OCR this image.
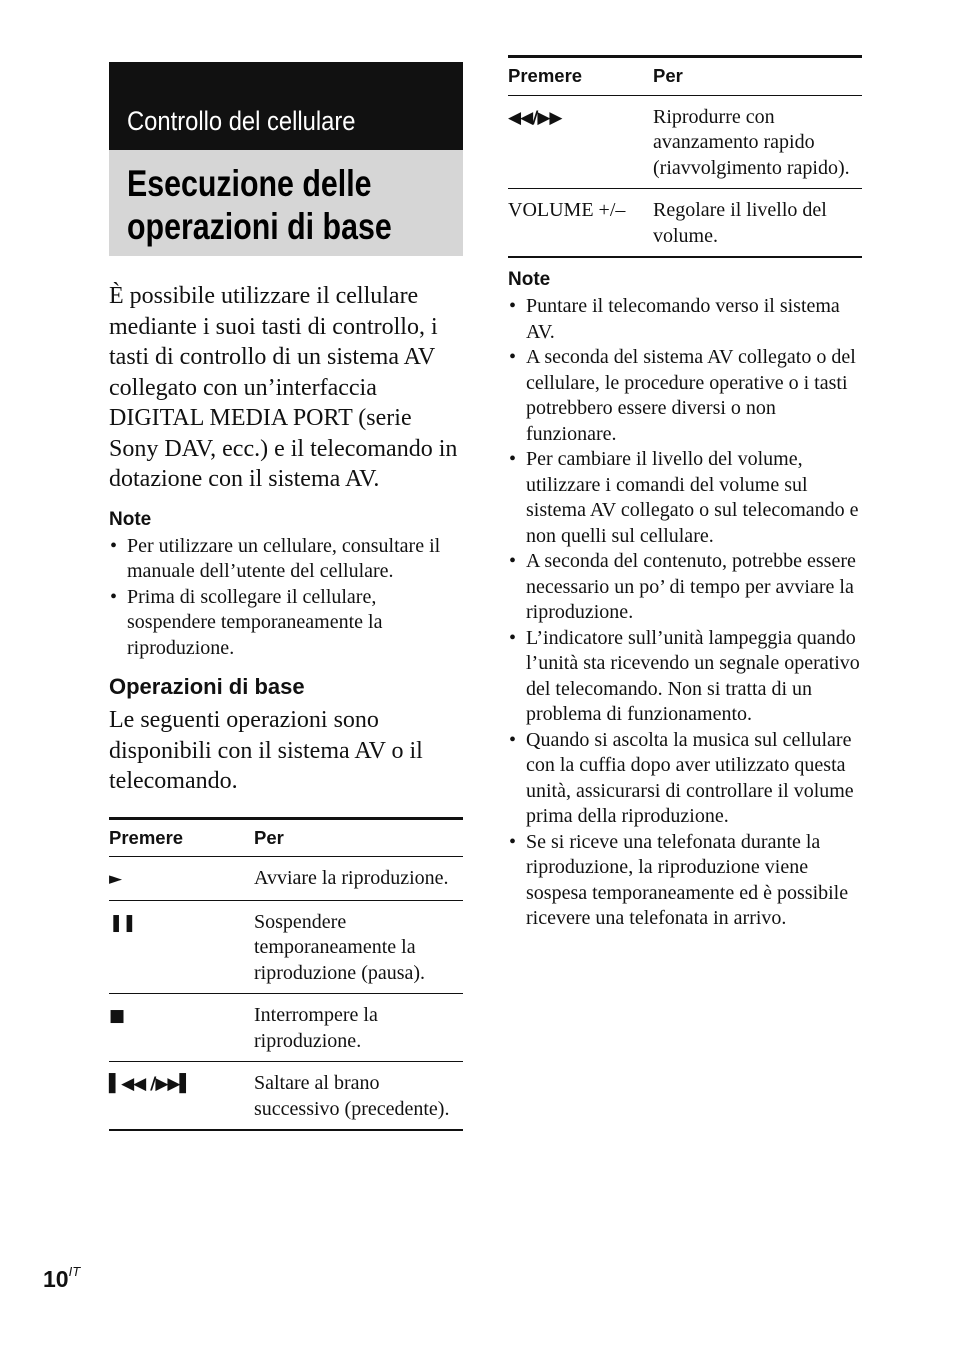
Controllo del cellulare
Esecuzione delle
operazioni di base

È possibile utilizzare il cellulare mediante i suoi tasti di controllo, i tasti di controllo di un sistema AV collegato con un’interfaccia DIGITAL MEDIA PORT (serie Sony DAV, ecc.) e il telecomando in dotazione con il sistema AV.

Note
• Per utilizzare un cellulare, consultare il manuale dell’utente del cellulare.
• Prima di scollegare il cellulare, sospendere temporaneamente la riproduzione.
Operazioni di base
Le seguenti operazioni sono disponibili con il sistema AV o il telecomando.
Premere	Per
►	Avviare la riproduzione.
❚❚	Sospendere temporaneamente la riproduzione (pausa).
■	Interrompere la riproduzione.
▌◀◀ /▶▶▌	Saltare al brano successivo (precedente).
Premere	Per
◀◀/▶▶	Riprodurre con avanzamento rapido (riavvolgimento rapido).
VOLUME +/–	Regolare il livello del volume.
Note
• Puntare il telecomando verso il sistema AV.
• A seconda del sistema AV collegato o del cellulare, le procedure operative o i tasti potrebbero essere diversi o non funzionare.
• Per cambiare il livello del volume, utilizzare i comandi del volume sul sistema AV collegato o sul telecomando e non quelli sul cellulare.
• A seconda del contenuto, potrebbe essere necessario un po’ di tempo per avviare la riproduzione.
• L’indicatore sull’unità lampeggia quando l’unità sta ricevendo un segnale operativo del telecomando. Non si tratta di un problema di funzionamento.
• Quando si ascolta la musica sul cellulare con la cuffia dopo aver utilizzato questa unità, assicurarsi di controllare il volume prima della riproduzione.
• Se si riceve una telefonata durante la riproduzione, la riproduzione viene sospesa temporaneamente ed è possibile ricevere una telefonata in arrivo.
$10^{IT}$
